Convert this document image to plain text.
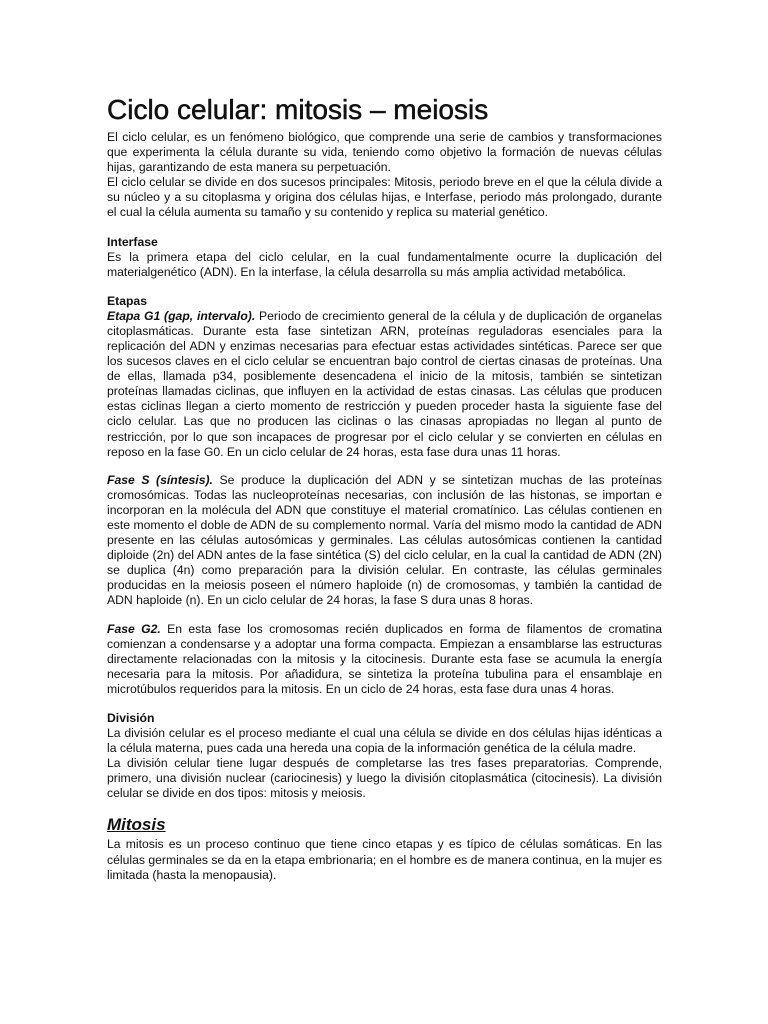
Ciclo celular: mitosis – meiosis

El ciclo celular, es un fenómeno biológico, que comprende una serie de cambios y transformaciones que experimenta la célula durante su vida, teniendo como objetivo la formación de nuevas células hijas, garantizando de esta manera su perpetuación.

El ciclo celular se divide en dos sucesos principales: Mitosis, periodo breve en el que la célula divide a su núcleo y a su citoplasma y origina dos células hijas, e Interfase, periodo más prolongado, durante el cual la célula aumenta su tamaño y su contenido y replica su material genético.

Interfase

Es la primera etapa del ciclo celular, en la cual fundamentalmente ocurre la duplicación del materialgenético (ADN). En la interfase, la célula desarrolla su más amplia actividad metabólica.

Etapas

Etapa G1 (gap, intervalo). Periodo de crecimiento general de la célula y de duplicación de organelas citoplasmáticas. Durante esta fase sintetizan ARN, proteínas reguladoras esenciales para la replicación del ADN y enzimas necesarias para efectuar estas actividades sintéticas. Parece ser que los sucesos claves en el ciclo celular se encuentran bajo control de ciertas cinasas de proteínas. Una de ellas, llamada p34, posiblemente desencadena el inicio de la mitosis, también se sintetizan proteínas llamadas ciclinas, que influyen en la actividad de estas cinasas. Las células que producen estas ciclinas llegan a cierto momento de restricción y pueden proceder hasta la siguiente fase del ciclo celular. Las que no producen las ciclinas o las cinasas apropiadas no llegan al punto de restricción, por lo que son incapaces de progresar por el ciclo celular y se convierten en células en reposo en la fase G0. En un ciclo celular de 24 horas, esta fase dura unas 11 horas.

Fase S (síntesis). Se produce la duplicación del ADN y se sintetizan muchas de las proteínas cromosómicas. Todas las nucleoproteínas necesarias, con inclusión de las histonas, se importan e incorporan en la molécula del ADN que constituye el material cromatínico. Las células contienen en este momento el doble de ADN de su complemento normal. Varía del mismo modo la cantidad de ADN presente en las células autosómicas y germinales. Las células autosómicas contienen la cantidad diploide (2n) del ADN antes de la fase sintética (S) del ciclo celular, en la cual la cantidad de ADN (2N) se duplica (4n) como preparación para la división celular. En contraste, las células germinales producidas en la meiosis poseen el número haploide (n) de cromosomas, y también la cantidad de ADN haploide (n). En un ciclo celular de 24 horas, la fase S dura unas 8 horas.

Fase G2. En esta fase los cromosomas recién duplicados en forma de filamentos de cromatina comienzan a condensarse y a adoptar una forma compacta. Empiezan a ensamblarse las estructuras directamente relacionadas con la mitosis y la citocinesis. Durante esta fase se acumula la energía necesaria para la mitosis. Por añadidura, se sintetiza la proteína tubulina para el ensamblaje en microtúbulos requeridos para la mitosis. En un ciclo de 24 horas, esta fase dura unas 4 horas.

División

La división celular es el proceso mediante el cual una célula se divide en dos células hijas idénticas a la célula materna, pues cada una hereda una copia de la información genética de la célula madre.

La división celular tiene lugar después de completarse las tres fases preparatorias. Comprende, primero, una división nuclear (cariocinesis) y luego la división citoplasmática (citocinesis). La división celular se divide en dos tipos: mitosis y meiosis.

Mitosis

La mitosis es un proceso continuo que tiene cinco etapas y es típico de células somáticas. En las células germinales se da en la etapa embrionaria; en el hombre es de manera continua, en la mujer es limitada (hasta la menopausia).
